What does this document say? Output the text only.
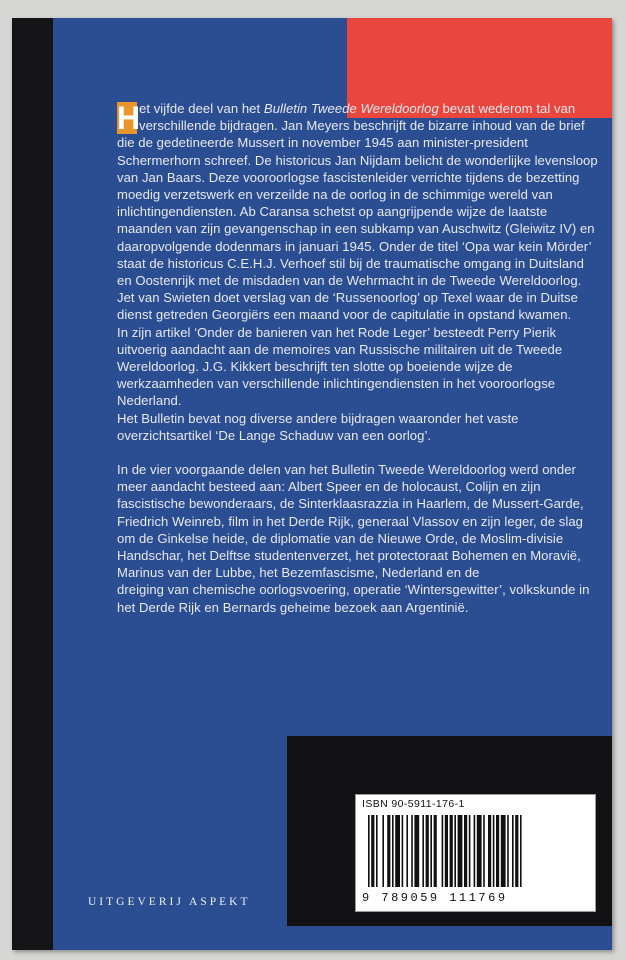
H
et vijfde deel van het Bulletin Tweede Wereldoorlog bevat wederom tal van verschillende bijdragen. Jan Meyers beschrijft de bizarre inhoud van de brief die de gedetineerde Mussert in november 1945 aan minister-president Schermerhorn schreef. De historicus Jan Nijdam belicht de wonderlijke levensloop van Jan Baars. Deze vooroorlogse fascistenleider verrichte tijdens de bezetting moedig verzetswerk en verzeilde na de oorlog in de schimmige wereld van inlichtingendiensten. Ab Caransa schetst op aangrijpende wijze de laatste maanden van zijn gevangenschap in een subkamp van Auschwitz (Gleiwitz IV) en daaropvolgende dodenmars in januari 1945. Onder de titel ‘Opa war kein Mörder’ staat de historicus C.E.H.J. Verhoef stil bij de traumatische omgang in Duitsland en Oostenrijk met de misdaden van de Wehrmacht in de Tweede Wereldoorlog. Jet van Swieten doet verslag van de ‘Russenoorlog’ op Texel waar de in Duitse dienst getreden Georgiërs een maand voor de capitulatie in opstand kwamen.

In zijn artikel ‘Onder de banieren van het Rode Leger’ besteedt Perry Pierik uitvoerig aandacht aan de memoires van Russische militairen uit de Tweede Wereldoorlog. J.G. Kikkert beschrijft ten slotte op boeiende wijze de werkzaamheden van verschillende inlichtingendiensten in het vooroorlogse Nederland.

Het Bulletin bevat nog diverse andere bijdragen waaronder het vaste overzichtsartikel ‘De Lange Schaduw van een oorlog’.

In de vier voorgaande delen van het Bulletin Tweede Wereldoorlog werd onder meer aandacht besteed aan: Albert Speer en de holocaust, Colijn en zijn fascistische bewonderaars, de Sinterklaasrazzia in Haarlem, de Mussert-Garde, Friedrich Weinreb, film in het Derde Rijk, generaal Vlassov en zijn leger, de slag om de Ginkelse heide, de diplomatie van de Nieuwe Orde, de Moslim-divisie Handschar, het Delftse studentenverzet, het protectoraat Bohemen en Moravië, Marinus van der Lubbe, het Bezemfascisme, Nederland en de

dreiging van chemische oorlogsvoering, operatie ‘Wintersgewitter’, volkskunde in het Derde Rijk en Bernards geheime bezoek aan Argentinië.

ISBN 90-5911-176-1
9 789059 111769
UITGEVERIJ ASPEKT
